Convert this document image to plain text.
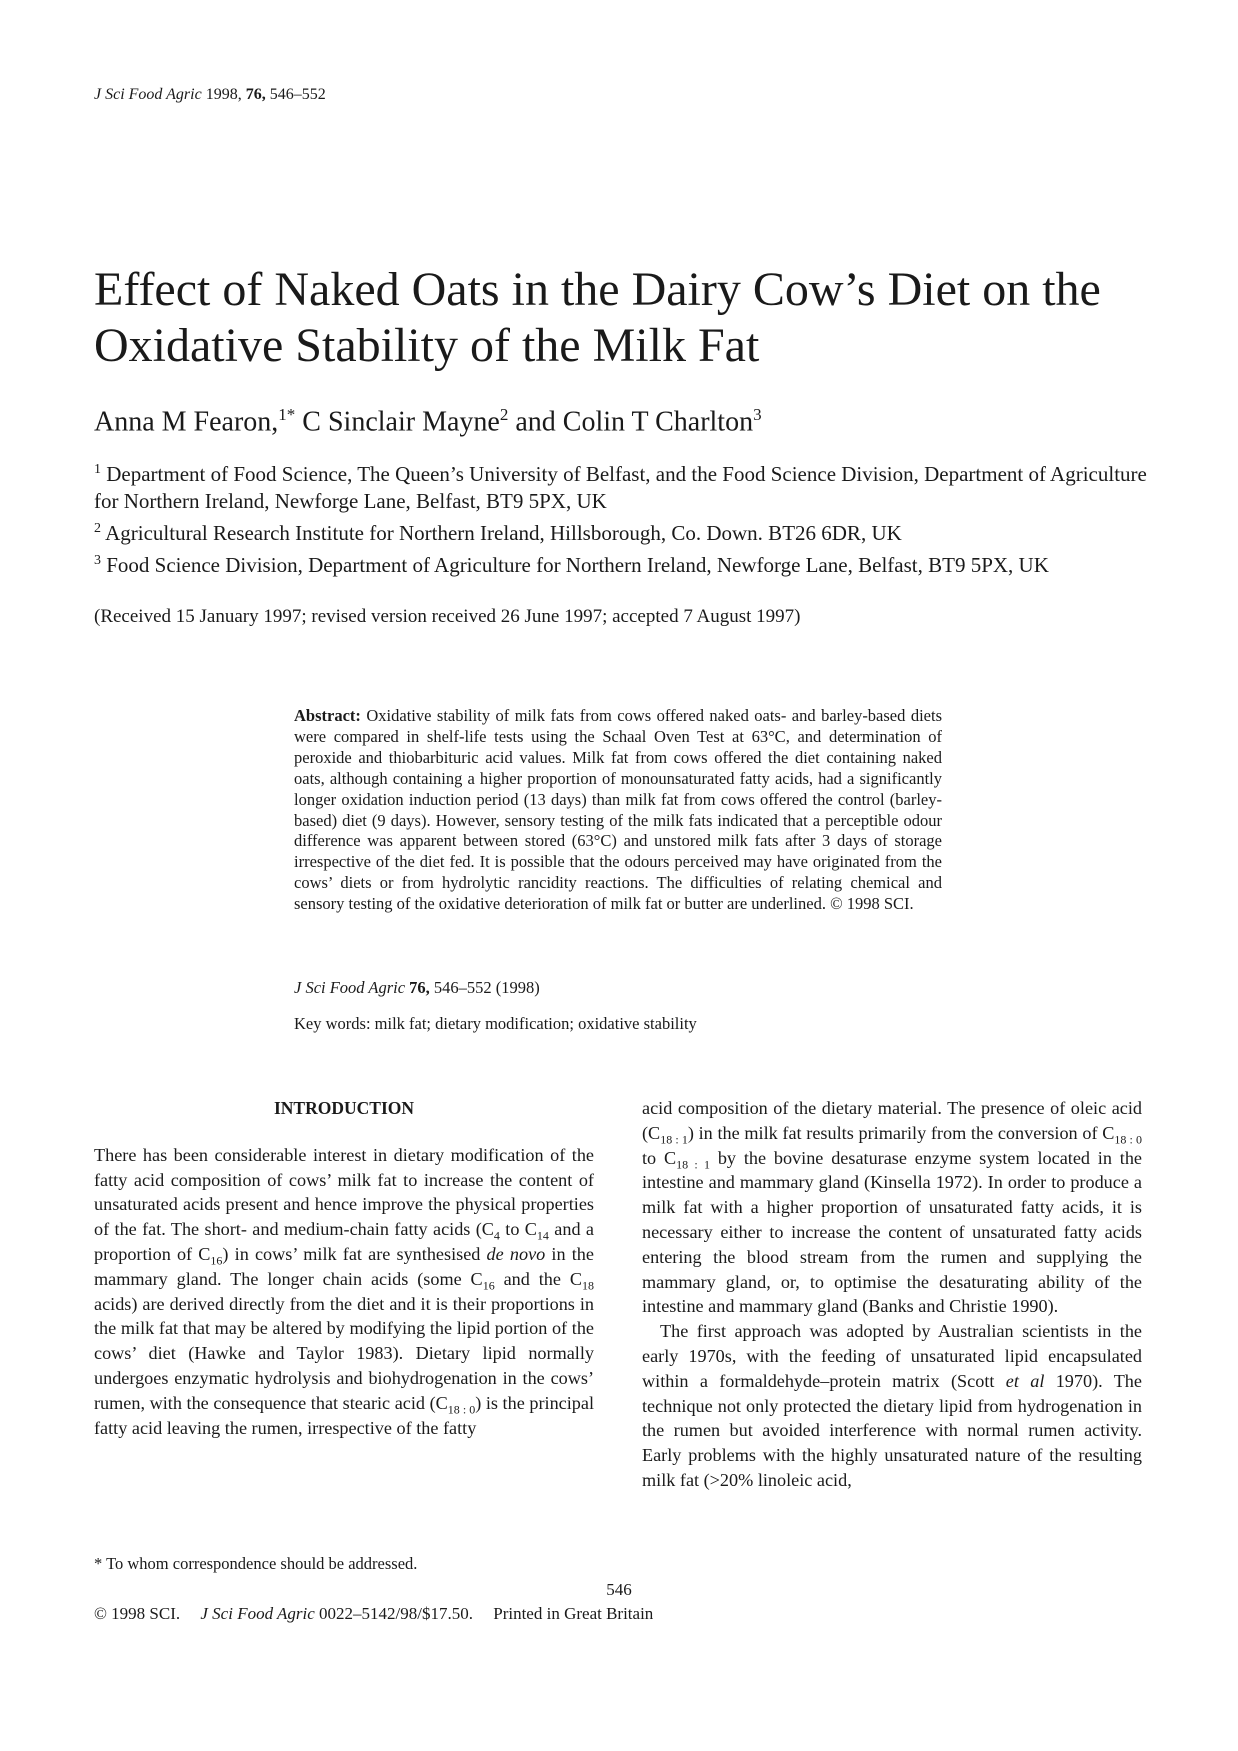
J Sci Food Agric 1998, 76, 546–552
Effect of Naked Oats in the Dairy Cow’s Diet on the Oxidative Stability of the Milk Fat
Anna M Fearon,$^{1*}$ C Sinclair Mayne$^2$ and Colin T Charlton$^3$
$^1$ Department of Food Science, The Queen’s University of Belfast, and the Food Science Division, Department of Agriculture for Northern Ireland, Newforge Lane, Belfast, BT9 5PX, UK
$^2$ Agricultural Research Institute for Northern Ireland, Hillsborough, Co. Down. BT26 6DR, UK
$^3$ Food Science Division, Department of Agriculture for Northern Ireland, Newforge Lane, Belfast, BT9 5PX, UK
(Received 15 January 1997; revised version received 26 June 1997; accepted 7 August 1997)
Abstract: Oxidative stability of milk fats from cows offered naked oats- and barley-based diets were compared in shelf-life tests using the Schaal Oven Test at 63°C, and determination of peroxide and thiobarbituric acid values. Milk fat from cows offered the diet containing naked oats, although containing a higher proportion of monounsaturated fatty acids, had a significantly longer oxidation induction period (13 days) than milk fat from cows offered the control (barley-based) diet (9 days). However, sensory testing of the milk fats indicated that a perceptible odour difference was apparent between stored (63°C) and unstored milk fats after 3 days of storage irrespective of the diet fed. It is possible that the odours perceived may have originated from the cows’ diets or from hydrolytic rancidity reactions. The difficulties of relating chemical and sensory testing of the oxidative deterioration of milk fat or butter are underlined. © 1998 SCI.
J Sci Food Agric 76, 546–552 (1998)
Key words: milk fat; dietary modification; oxidative stability
INTRODUCTION

There has been considerable interest in dietary modification of the fatty acid composition of cows’ milk fat to increase the content of unsaturated acids present and hence improve the physical properties of the fat. The short- and medium-chain fatty acids ($C_4$ to $C_{14}$ and a proportion of $C_{16}$) in cows’ milk fat are synthesised de novo in the mammary gland. The longer chain acids (some $C_{16}$ and the $C_{18}$ acids) are derived directly from the diet and it is their proportions in the milk fat that may be altered by modifying the lipid portion of the cows’ diet (Hawke and Taylor 1983). Dietary lipid normally undergoes enzymatic hydrolysis and biohydrogenation in the cows’ rumen, with the consequence that stearic acid $(C_{18 : 0})$ is the principal fatty acid leaving the rumen, irrespective of the fatty

acid composition of the dietary material. The presence of oleic acid $(C_{18 : 1})$ in the milk fat results primarily from the conversion of $C_{18 : 0}$ to $C_{18 : 1}$ by the bovine desaturase enzyme system located in the intestine and mammary gland (Kinsella 1972). In order to produce a milk fat with a higher proportion of unsaturated fatty acids, it is necessary either to increase the content of unsaturated fatty acids entering the blood stream from the rumen and supplying the mammary gland, or, to optimise the desaturating ability of the intestine and mammary gland (Banks and Christie 1990).

The first approach was adopted by Australian scientists in the early 1970s, with the feeding of unsaturated lipid encapsulated within a formaldehyde–protein matrix (Scott et al 1970). The technique not only protected the dietary lipid from hydrogenation in the rumen but avoided interference with normal rumen activity. Early problems with the highly unsaturated nature of the resulting milk fat (>20% linoleic acid,

* To whom correspondence should be addressed.
546
© 1998 SCI. J Sci Food Agric 0022–5142/98/$17.50. Printed in Great Britain
